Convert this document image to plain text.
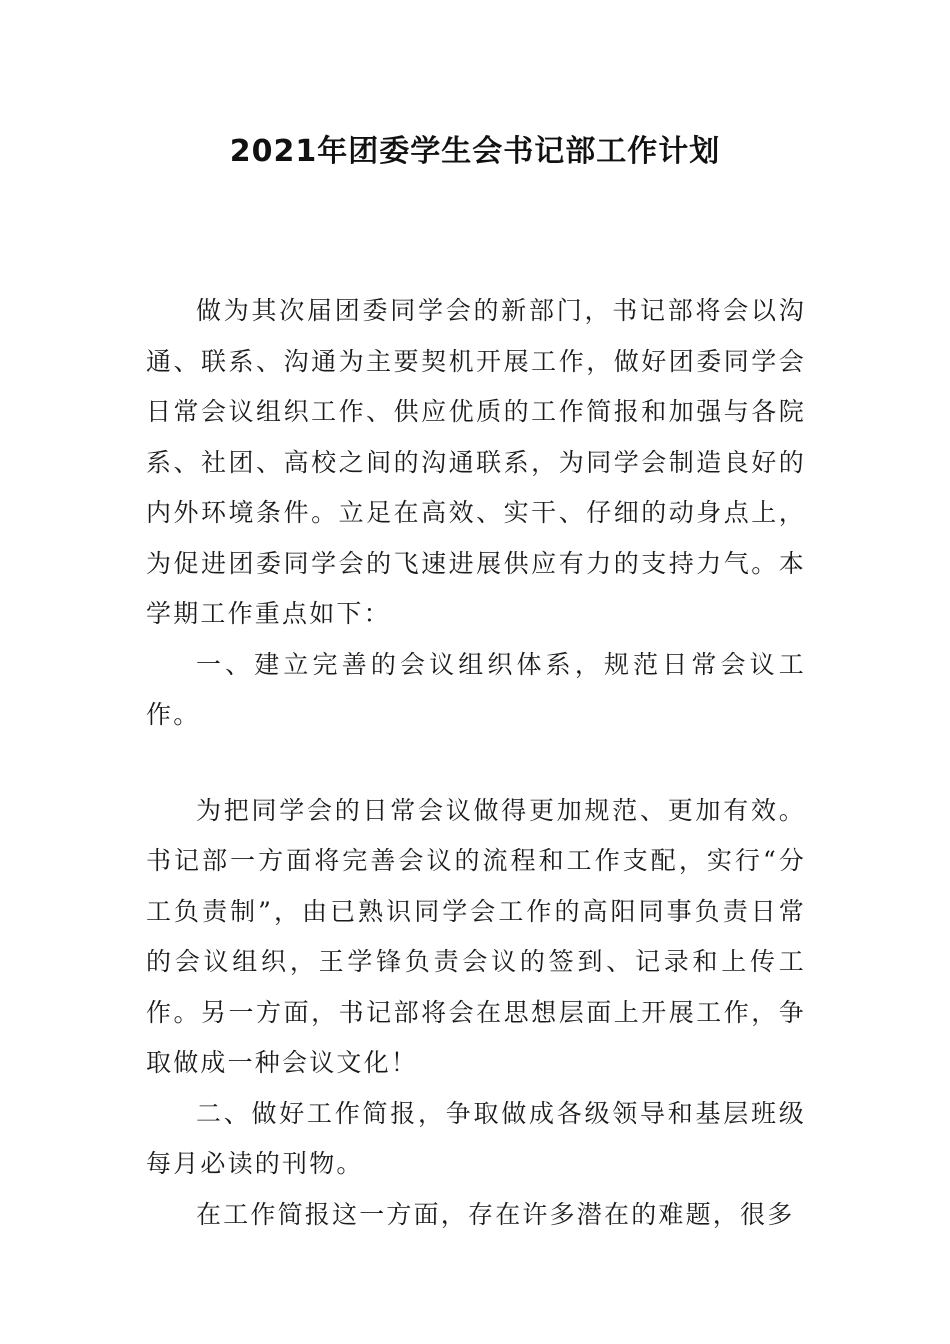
2021年团委学生会书记部工作计划

做为其次届团委同学会的新部门，书记部将会以沟通、联系、沟通为主要契机开展工作，做好团委同学会日常会议组织工作、供应优质的工作简报和加强与各院系、社团、高校之间的沟通联系，为同学会制造良好的内外环境条件。立足在高效、实干、仔细的动身点上，为促进团委同学会的飞速进展供应有力的支持力气。本学期工作重点如下：

一、建立完善的会议组织体系，规范日常会议工作。

为把同学会的日常会议做得更加规范、更加有效。书记部一方面将完善会议的流程和工作支配，实行“分工负责制”，由已熟识同学会工作的高阳同事负责日常的会议组织，王学锋负责会议的签到、记录和上传工作。另一方面，书记部将会在思想层面上开展工作，争取做成一种会议文化！

二、做好工作简报，争取做成各级领导和基层班级每月必读的刊物。

在工作简报这一方面，存在许多潜在的难题，很多
